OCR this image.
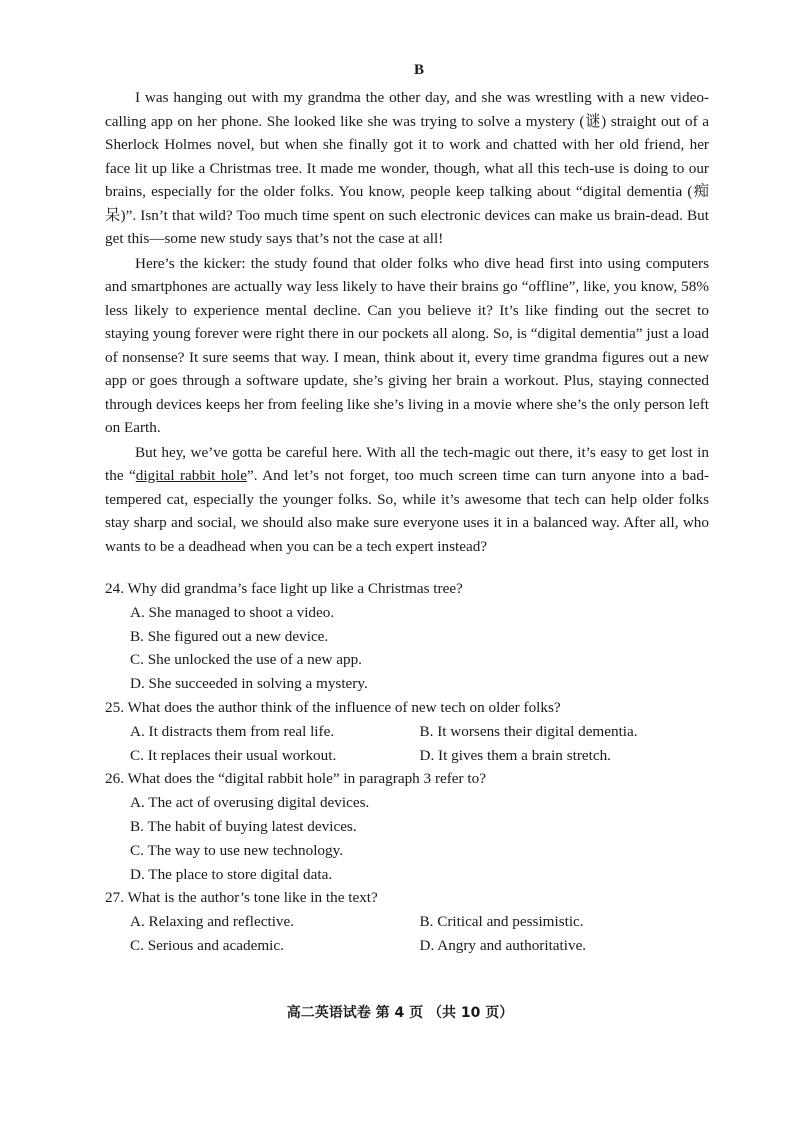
B

I was hanging out with my grandma the other day, and she was wrestling with a new video-calling app on her phone. She looked like she was trying to solve a mystery (谜) straight out of a Sherlock Holmes novel, but when she finally got it to work and chatted with her old friend, her face lit up like a Christmas tree. It made me wonder, though, what all this tech-use is doing to our brains, especially for the older folks. You know, people keep talking about “digital dementia (痴呆)”. Isn’t that wild? Too much time spent on such electronic devices can make us brain-dead. But get this—some new study says that’s not the case at all!

Here’s the kicker: the study found that older folks who dive head first into using computers and smartphones are actually way less likely to have their brains go “offline”, like, you know, 58% less likely to experience mental decline. Can you believe it? It’s like finding out the secret to staying young forever were right there in our pockets all along. So, is “digital dementia” just a load of nonsense? It sure seems that way. I mean, think about it, every time grandma figures out a new app or goes through a software update, she’s giving her brain a workout. Plus, staying connected through devices keeps her from feeling like she’s living in a movie where she’s the only person left on Earth.

But hey, we’ve gotta be careful here. With all the tech-magic out there, it’s easy to get lost in the “digital rabbit hole”. And let’s not forget, too much screen time can turn anyone into a bad-tempered cat, especially the younger folks. So, while it’s awesome that tech can help older folks stay sharp and social, we should also make sure everyone uses it in a balanced way. After all, who wants to be a deadhead when you can be a tech expert instead?

24. Why did grandma’s face light up like a Christmas tree?

A. She managed to shoot a video.

B. She figured out a new device.

C. She unlocked the use of a new app.

D. She succeeded in solving a mystery.

25. What does the author think of the influence of new tech on older folks?

A. It distracts them from real life.	B. It worsens their digital dementia.
C. It replaces their usual workout.	D. It gives them a brain stretch.

26. What does the “digital rabbit hole” in paragraph 3 refer to?

A. The act of overusing digital devices.

B. The habit of buying latest devices.

C. The way to use new technology.

D. The place to store digital data.

27. What is the author’s tone like in the text?

A. Relaxing and reflective.	B. Critical and pessimistic.
C. Serious and academic.	D. Angry and authoritative.
高二英语试卷 第 4 页 （共 10 页）
